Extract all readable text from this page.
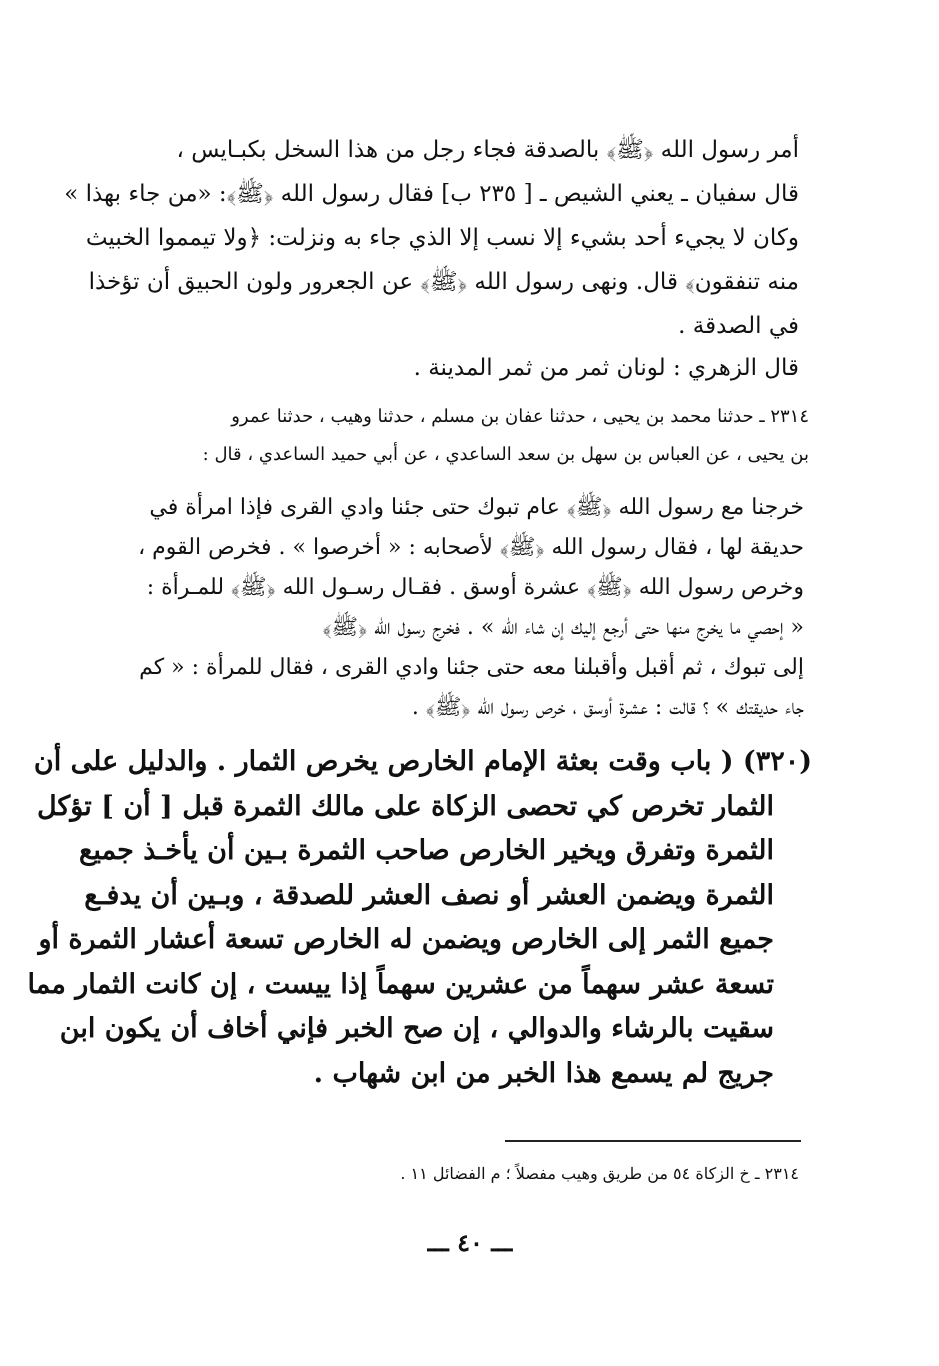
أمر رسول الله ﴿ﷺ﴾ بالصدقة فجاء رجل من هذا السخل بكبـايس ،
قال سفيان ـ يعني الشيص ـ [ ٢٣٥ ب] فقال رسول الله ﴿ﷺ﴾: «من جاء بهذا »
وكان لا يجيء أحد بشيء إلا نسب إلا الذي جاء به ونزلت: ﴿ولا تيمموا الخبيث
منه تنفقون﴾ قال. ونهى رسول الله ﴿ﷺ﴾ عن الجعرور ولون الحبيق أن تؤخذا
في الصدقة .
قال الزهري : لونان ثمر من ثمر المدينة .
٢٣١٤ ـ حدثنا محمد بن يحيى ، حدثنا عفان بن مسلم ، حدثنا وهيب ، حدثنا عمرو
بن يحيى ، عن العباس بن سهل بن سعد الساعدي ، عن أبي حميد الساعدي ، قال :
خرجنا مع رسول الله ﴿ﷺ﴾ عام تبوك حتى جئنا وادي القرى فإذا امرأة في
حديقة لها ، فقال رسول الله ﴿ﷺ﴾ لأصحابه : « أخرصوا » . فخرص القوم ،
وخرص رسول الله ﴿ﷺ﴾ عشرة أوسق . فقـال رسـول الله ﴿ﷺ﴾ للمـرأة :
« إحصي ما يخرج منها حتى أرجع إليك إن شاء الله » . فخرج رسول الله ﴿ﷺ﴾
إلى تبوك ، ثم أقبل وأقبلنا معه حتى جئنا وادي القرى ، فقال للمرأة : « كم
جاء حديقتك » ؟ قالت : عشرة أوسق ، خرص رسول الله ﴿ﷺ﴾ .
(٣٢٠) ( باب وقت بعثة الإمام الخارص يخرص الثمار . والدليل على أن
الثمار تخرص كي تحصى الزكاة على مالك الثمرة قبل [ أن ] تؤكل
الثمرة وتفرق ويخير الخارص صاحب الثمرة بـين أن يأخـذ جميع
الثمرة ويضمن العشر أو نصف العشر للصدقة ، وبـين أن يدفـع
جميع الثمر إلى الخارص ويضمن له الخارص تسعة أعشار الثمرة أو
تسعة عشر سهماً من عشرين سهماً إذا ييست ، إن كانت الثمار مما
سقيت بالرشاء والدوالي ، إن صح الخبر فإني أخاف أن يكون ابن
جريج لم يسمع هذا الخبر من ابن شهاب .
٢٣١٤ ـ خ الزكاة ٥٤ من طريق وهيب مفصلاً ؛ م الفضائل ١١ .
ـــ ٤٠ ـــ
